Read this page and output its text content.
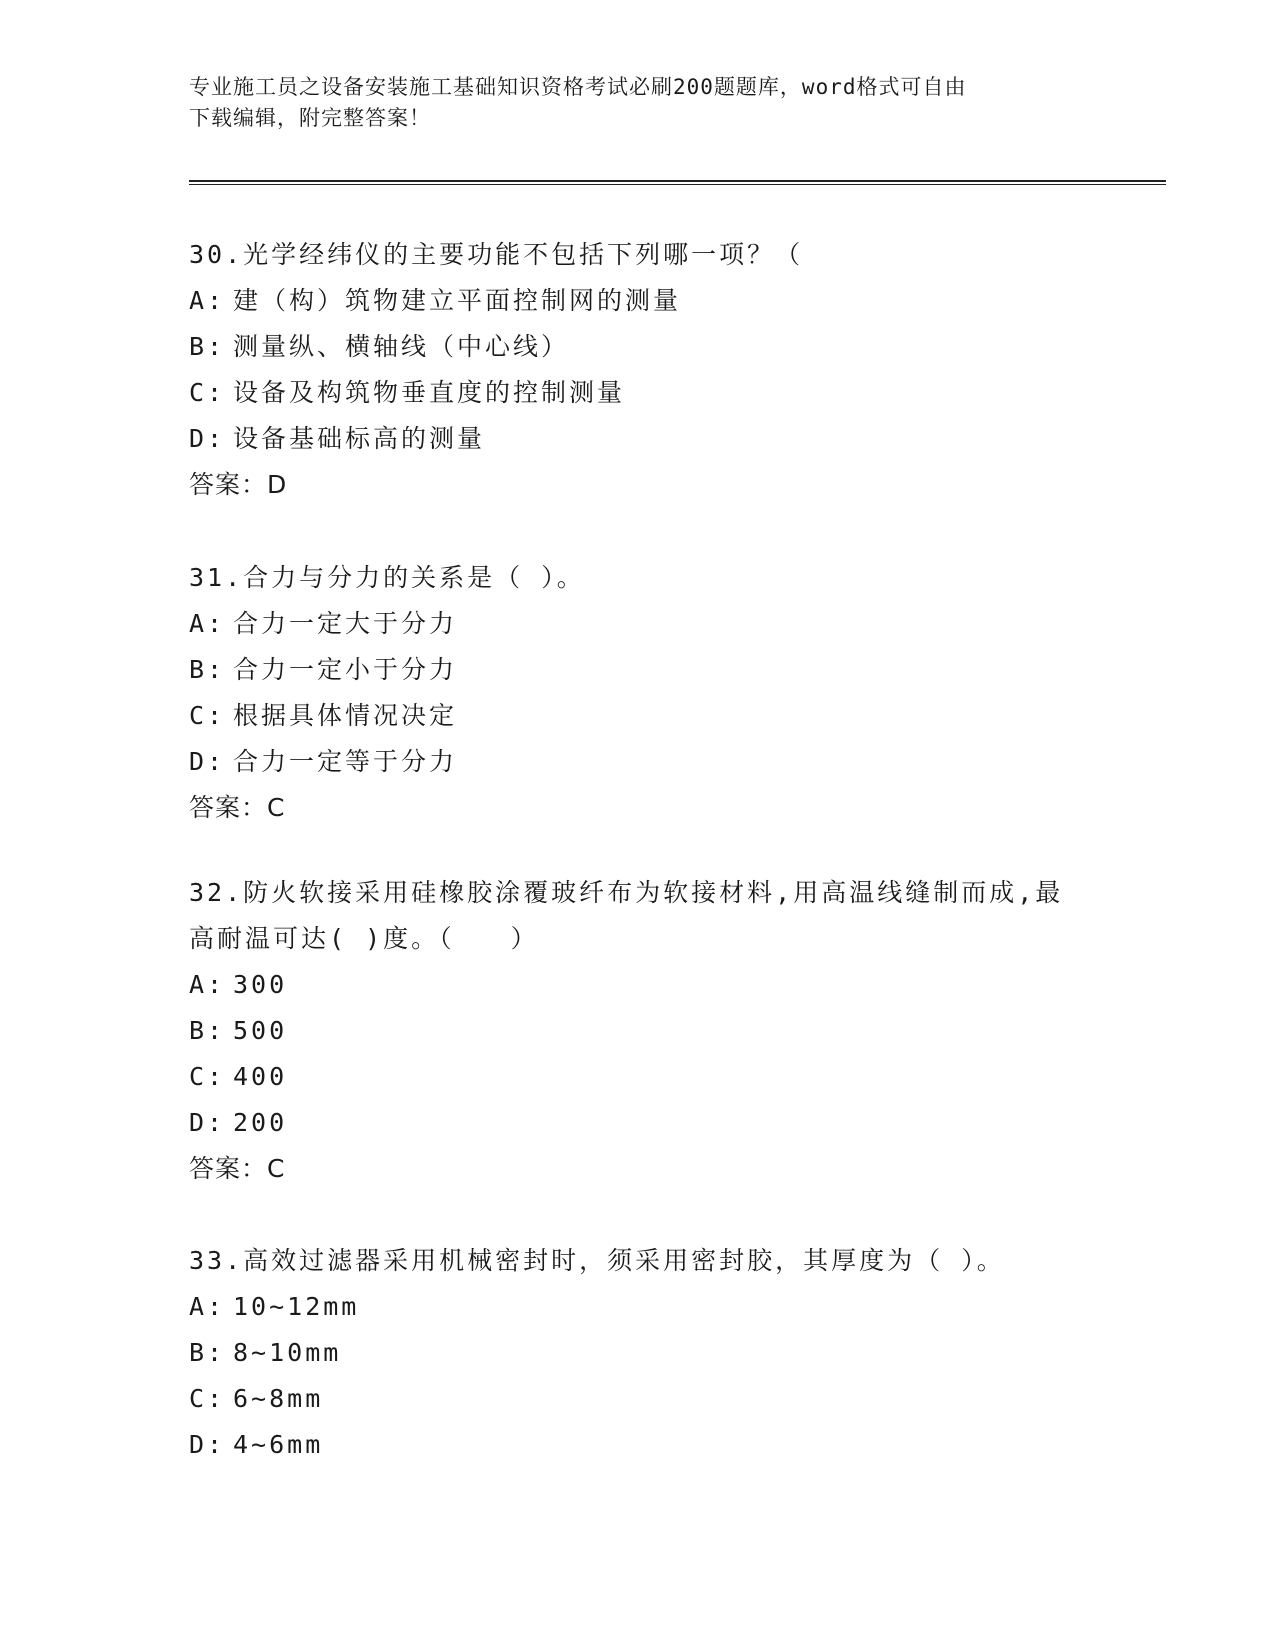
专业施工员之设备安装施工基础知识资格考试必刷200题题库，word格式可自由
下载编辑，附完整答案！
30.光学经纬仪的主要功能不包括下列哪一项？（
A: 建（构）筑物建立平面控制网的测量
B: 测量纵、横轴线（中心线）
C: 设备及构筑物垂直度的控制测量
D: 设备基础标高的测量
答案：D
31.合力与分力的关系是（ ）。
A: 合力一定大于分力
B: 合力一定小于分力
C: 根据具体情况决定
D: 合力一定等于分力
答案：C
32.防火软接采用硅橡胶涂覆玻纤布为软接材料,用高温线缝制而成,最
高耐温可达( )度。（　　）
A: 300
B: 500
C: 400
D: 200
答案：C
33.高效过滤器采用机械密封时，须采用密封胶，其厚度为（ ）。
A: 10~12mm
B: 8~10mm
C: 6~8mm
D: 4~6mm
